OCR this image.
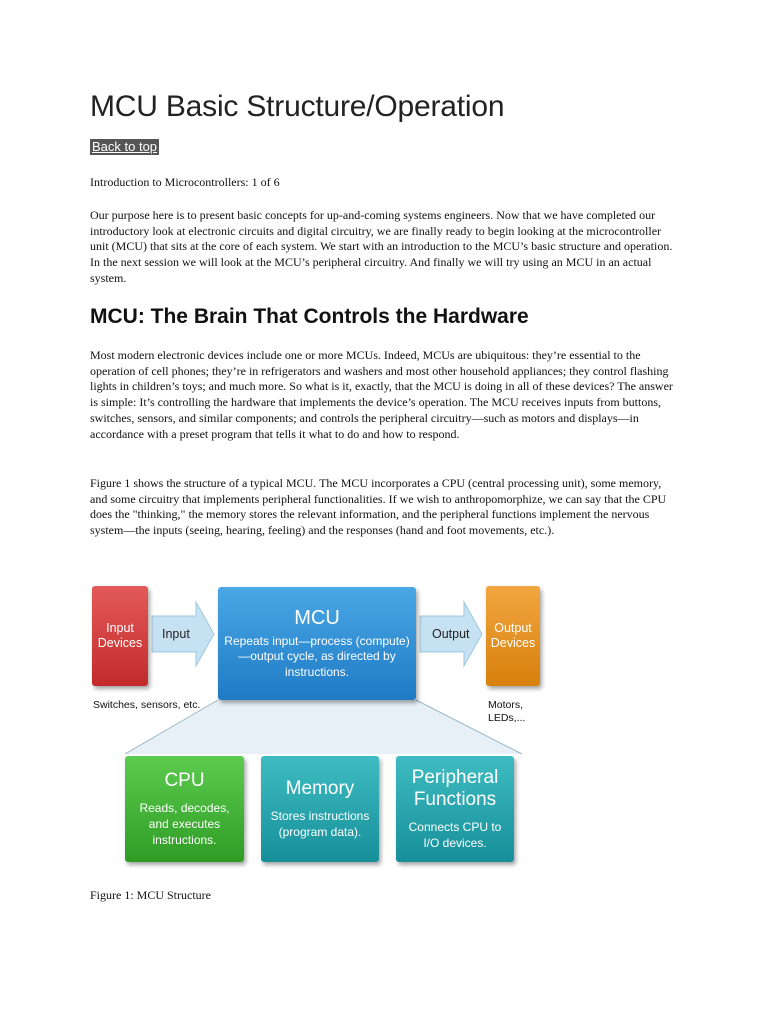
MCU Basic Structure/Operation
Back to top
Introduction to Microcontrollers: 1 of 6

Our purpose here is to present basic concepts for up-and-coming systems engineers. Now that we have completed our introductory look at electronic circuits and digital circuitry, we are finally ready to begin looking at the microcontroller unit (MCU) that sits at the core of each system. We start with an introduction to the MCU’s basic structure and operation. In the next session we will look at the MCU’s peripheral circuitry. And finally we will try using an MCU in an actual system.

MCU: The Brain That Controls the Hardware

Most modern electronic devices include one or more MCUs. Indeed, MCUs are ubiquitous: they’re essential to the operation of cell phones; they’re in refrigerators and washers and most other household appliances; they control flashing lights in children’s toys; and much more. So what is it, exactly, that the MCU is doing in all of these devices? The answer is simple: It’s controlling the hardware that implements the device’s operation. The MCU receives inputs from buttons, switches, sensors, and similar components; and controls the peripheral circuitry—such as motors and displays—in accordance with a preset program that tells it what to do and how to respond.

Figure 1 shows the structure of a typical MCU. The MCU incorporates a CPU (central processing unit), some memory, and some circuitry that implements peripheral functionalities. If we wish to anthropomorphize, we can say that the CPU does the "thinking," the memory stores the relevant information, and the peripheral functions implement the nervous system—the inputs (seeing, hearing, feeling) and the responses (hand and foot movements, etc.).

Input Devices
Input
Switches, sensors, etc.
MCU
Repeats input—process (compute)—output cycle, as directed by instructions.
Output	Output Devices
Motors,
LEDs,...
CPU
Reads, decodes, and executes instructions.
Memory
Stores instructions (program data).
Peripheral Functions
Connects CPU to I/O devices.
Figure 1: MCU Structure
